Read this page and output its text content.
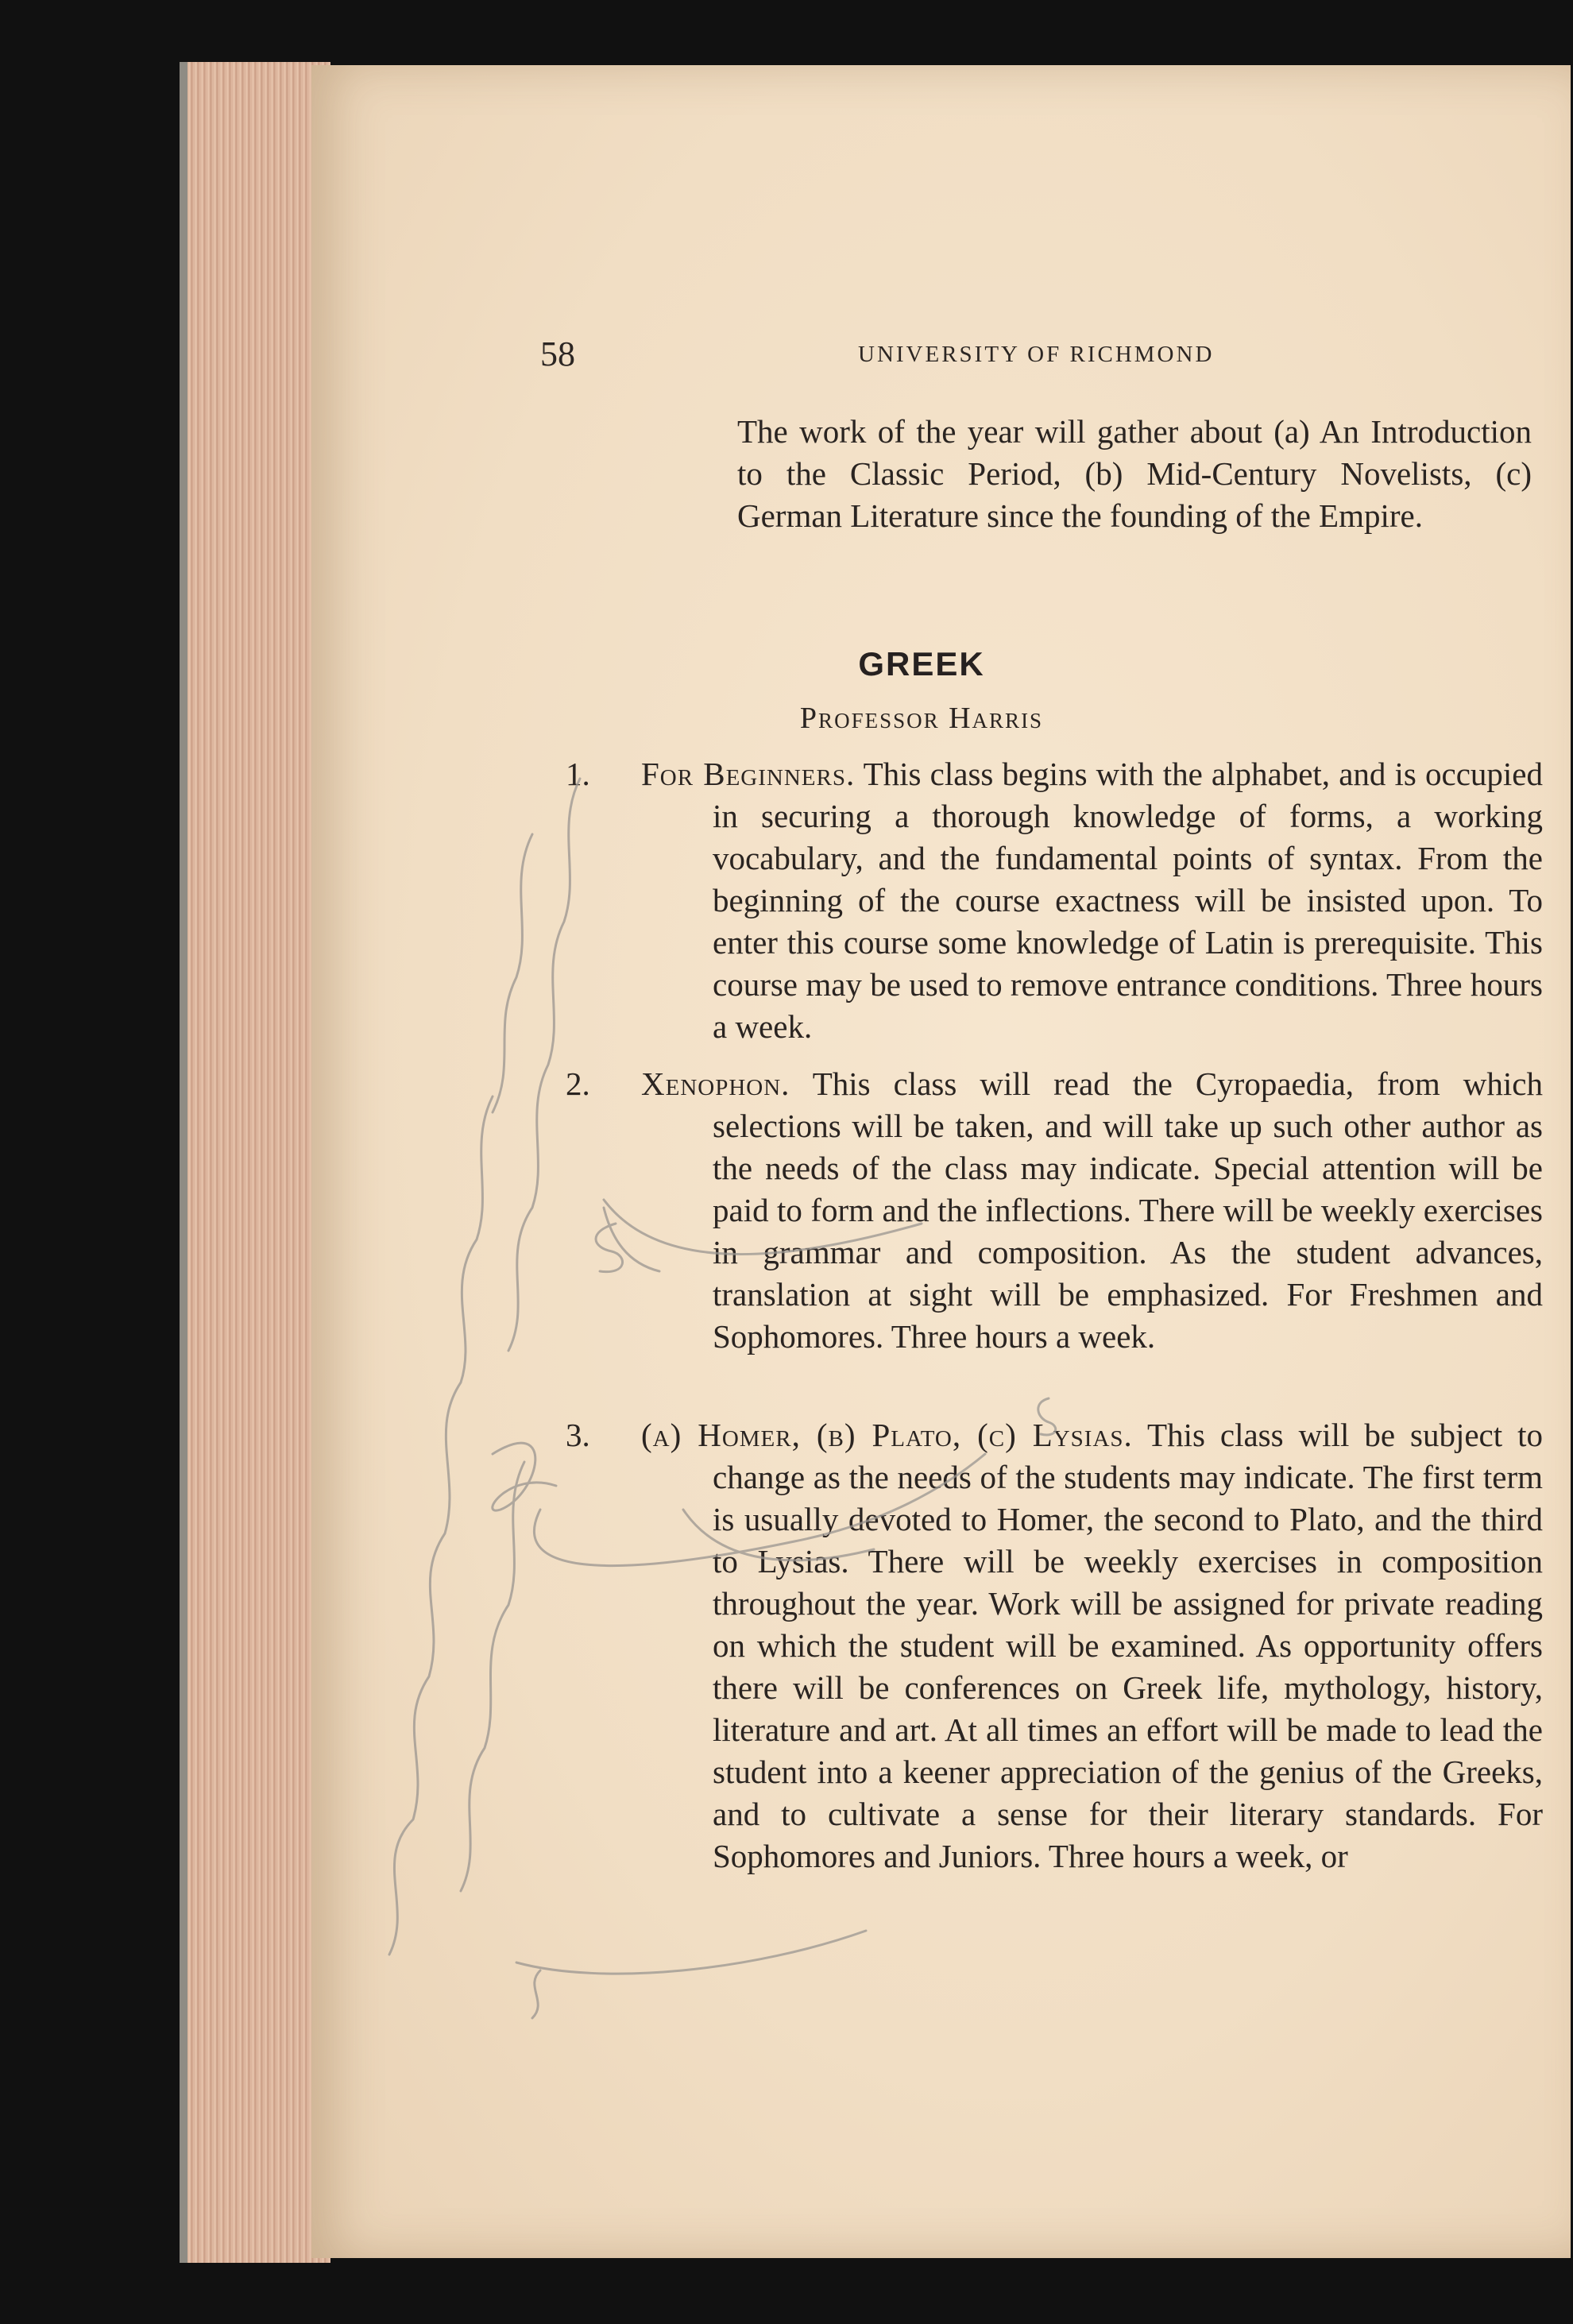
58	UNIVERSITY OF RICHMOND
The work of the year will gather about (a) An Introduction to the Classic Period, (b) Mid-Century Novelists, (c) German Literature since the founding of the Empire.
GREEK
Professor Harris
1. For Beginners. This class begins with the alphabet, and is occupied in securing a thorough knowledge of forms, a working vocabulary, and the fundamental points of syntax. From the beginning of the course exactness will be insisted upon. To enter this course some knowledge of Latin is prerequisite. This course may be used to remove entrance conditions. Three hours a week.
2. Xenophon. This class will read the Cyropaedia, from which selections will be taken, and will take up such other author as the needs of the class may indicate. Special attention will be paid to form and the inflections. There will be weekly exercises in grammar and composition. As the student advances, translation at sight will be emphasized. For Freshmen and Sophomores. Three hours a week.
3. (a) Homer, (b) Plato, (c) Lysias. This class will be subject to change as the needs of the students may indicate. The first term is usually devoted to Homer, the second to Plato, and the third to Lysias. There will be weekly exercises in composition throughout the year. Work will be assigned for private reading on which the student will be examined. As opportunity offers there will be conferences on Greek life, mythology, history, literature and art. At all times an effort will be made to lead the student into a keener appreciation of the genius of the Greeks, and to cultivate a sense for their literary standards. For Sophomores and Juniors. Three hours a week, or
